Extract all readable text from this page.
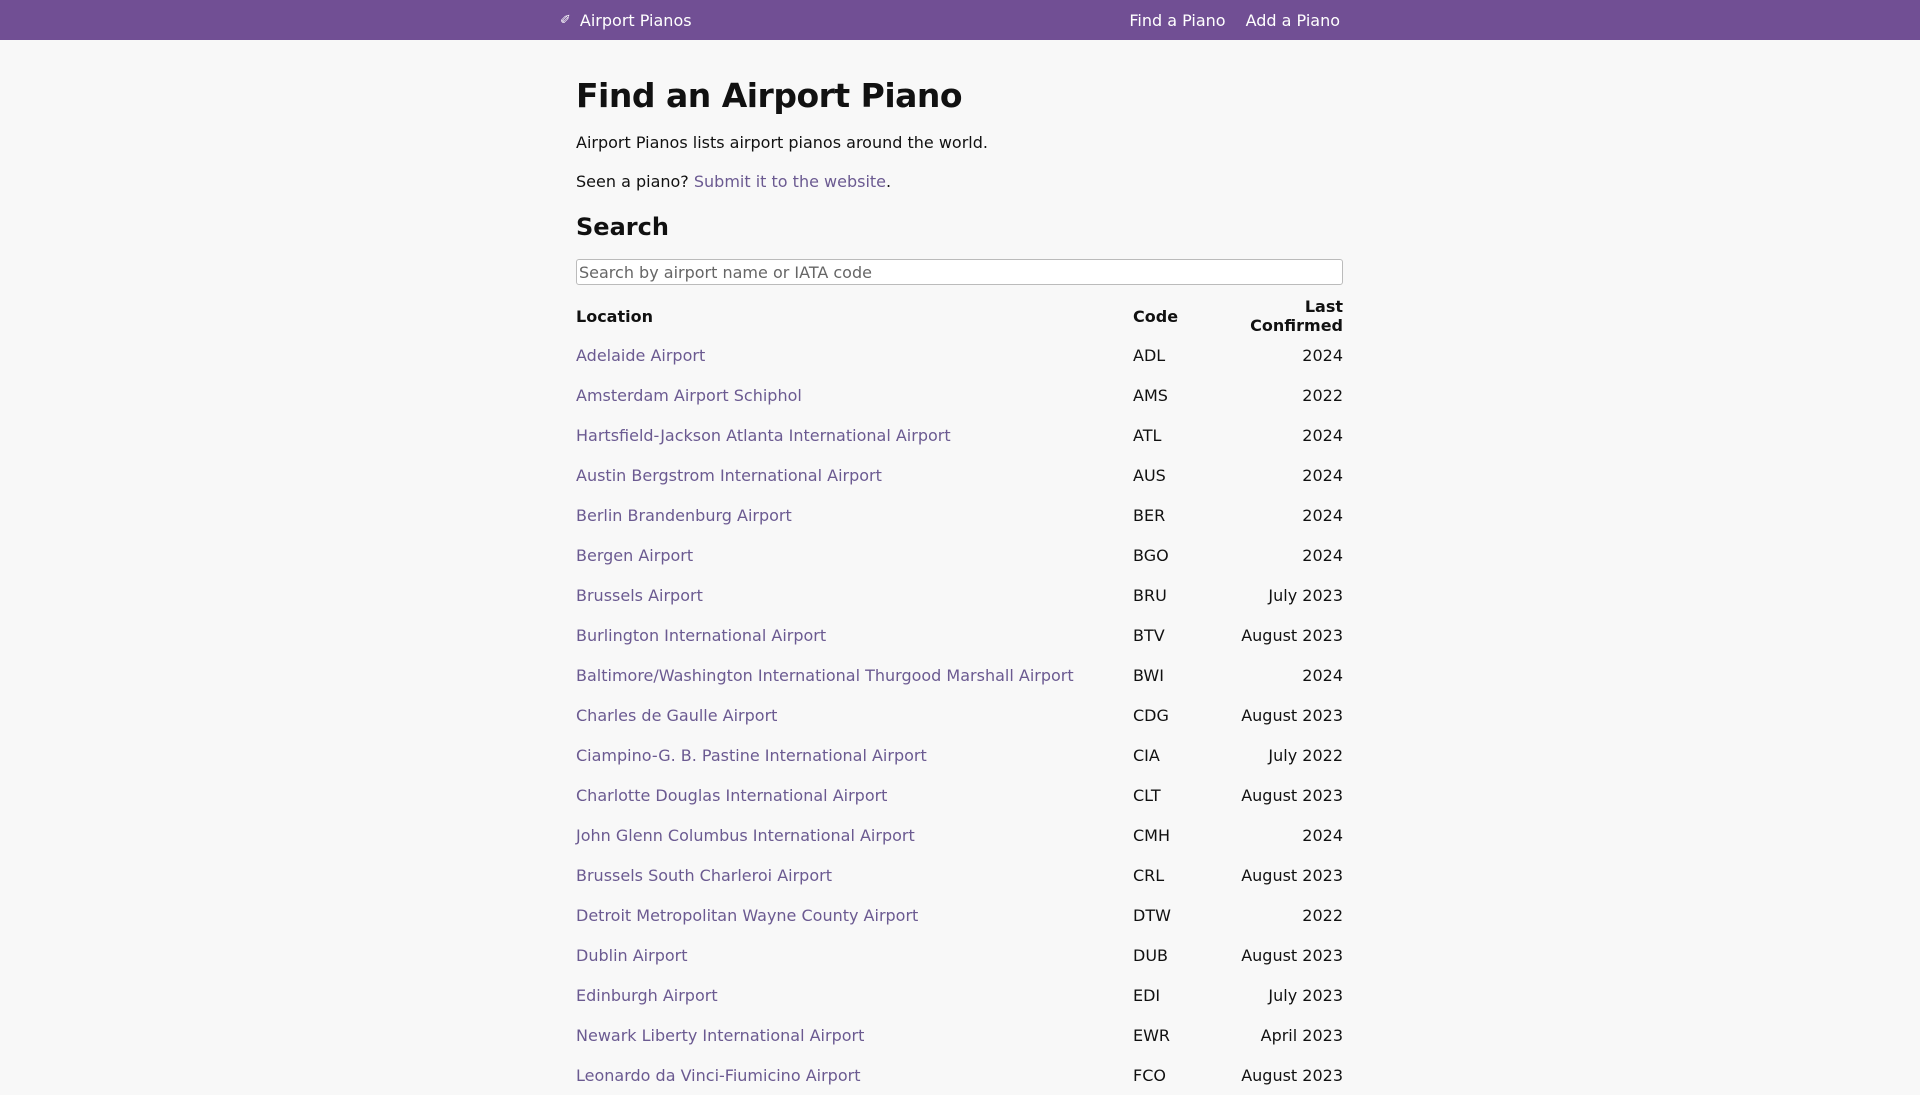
✐ Airport Pianos	Find a Piano Add a Piano
Find an Airport Piano

Airport Pianos lists airport pianos around the world.

Seen a piano? Submit it to the website.

Search
Search by airport name or IATA code
Location	Code	Last Confirmed
Adelaide Airport	ADL	2024
Amsterdam Airport Schiphol	AMS	2022
Hartsfield-Jackson Atlanta International Airport	ATL	2024
Austin Bergstrom International Airport	AUS	2024
Berlin Brandenburg Airport	BER	2024
Bergen Airport	BGO	2024
Brussels Airport	BRU	July 2023
Burlington International Airport	BTV	August 2023
Baltimore/Washington International Thurgood Marshall Airport	BWI	2024
Charles de Gaulle Airport	CDG	August 2023
Ciampino-G. B. Pastine International Airport	CIA	July 2022
Charlotte Douglas International Airport	CLT	August 2023
John Glenn Columbus International Airport	CMH	2024
Brussels South Charleroi Airport	CRL	August 2023
Detroit Metropolitan Wayne County Airport	DTW	2022
Dublin Airport	DUB	August 2023
Edinburgh Airport	EDI	July 2023
Newark Liberty International Airport	EWR	April 2023
Leonardo da Vinci-Fiumicino Airport	FCO	August 2023
